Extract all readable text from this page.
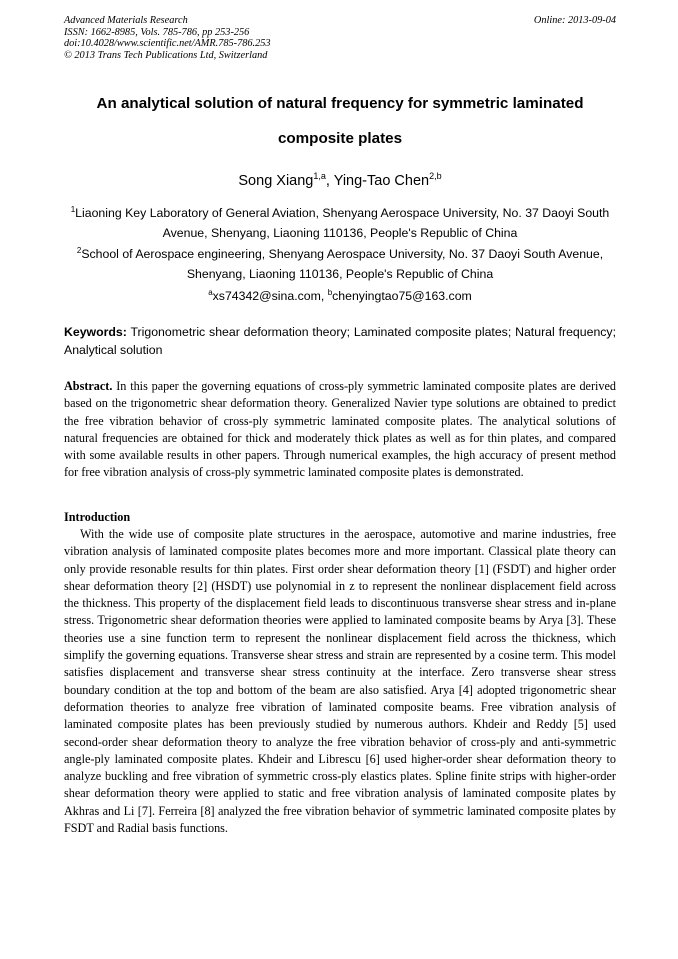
Advanced Materials Research
ISSN: 1662-8985, Vols. 785-786, pp 253-256
doi:10.4028/www.scientific.net/AMR.785-786.253
© 2013 Trans Tech Publications Ltd, Switzerland
Online: 2013-09-04
An analytical solution of natural frequency for symmetric laminated
composite plates
Song Xiang$^{1,a}$, Ying-Tao Chen$^{2,b}$
$^1$Liaoning Key Laboratory of General Aviation, Shenyang Aerospace University, No. 37 Daoyi South Avenue, Shenyang, Liaoning 110136, People's Republic of China
$^2$School of Aerospace engineering, Shenyang Aerospace University, No. 37 Daoyi South Avenue, Shenyang, Liaoning 110136, People's Republic of China
$^a$xs74342@sina.com, $^b$chenyingtao75@163.com
Keywords: Trigonometric shear deformation theory; Laminated composite plates; Natural frequency; Analytical solution
Abstract. In this paper the governing equations of cross-ply symmetric laminated composite plates are derived based on the trigonometric shear deformation theory. Generalized Navier type solutions are obtained to predict the free vibration behavior of cross-ply symmetric laminated composite plates. The analytical solutions of natural frequencies are obtained for thick and moderately thick plates as well as for thin plates, and compared with some available results in other papers. Through numerical examples, the high accuracy of present method for free vibration analysis of cross-ply symmetric laminated composite plates is demonstrated.
Introduction

With the wide use of composite plate structures in the aerospace, automotive and marine industries, free vibration analysis of laminated composite plates becomes more and more important. Classical plate theory can only provide resonable results for thin plates. First order shear deformation theory [1] (FSDT) and higher order shear deformation theory [2] (HSDT) use polynomial in z to represent the nonlinear displacement field across the thickness. This property of the displacement field leads to discontinuous transverse shear stress and in-plane stress. Trigonometric shear deformation theories were applied to laminated composite beams by Arya [3]. These theories use a sine function term to represent the nonlinear displacement field across the thickness, which simplify the governing equations. Transverse shear stress and strain are represented by a cosine term. This model satisfies displacement and transverse shear stress continuity at the interface. Zero transverse shear stress boundary condition at the top and bottom of the beam are also satisfied. Arya [4] adopted trigonometric shear deformation theories to analyze free vibration of laminated composite beams. Free vibration analysis of laminated composite plates has been previously studied by numerous authors. Khdeir and Reddy [5] used second-order shear deformation theory to analyze the free vibration behavior of cross-ply and anti-symmetric angle-ply laminated composite plates. Khdeir and Librescu [6] used higher-order shear deformation theory to analyze buckling and free vibration of symmetric cross-ply elastics plates. Spline finite strips with higher-order shear deformation theory were applied to static and free vibration analysis of laminated composite plates by Akhras and Li [7]. Ferreira [8] analyzed the free vibration behavior of symmetric laminated composite plates by FSDT and Radial basis functions.
